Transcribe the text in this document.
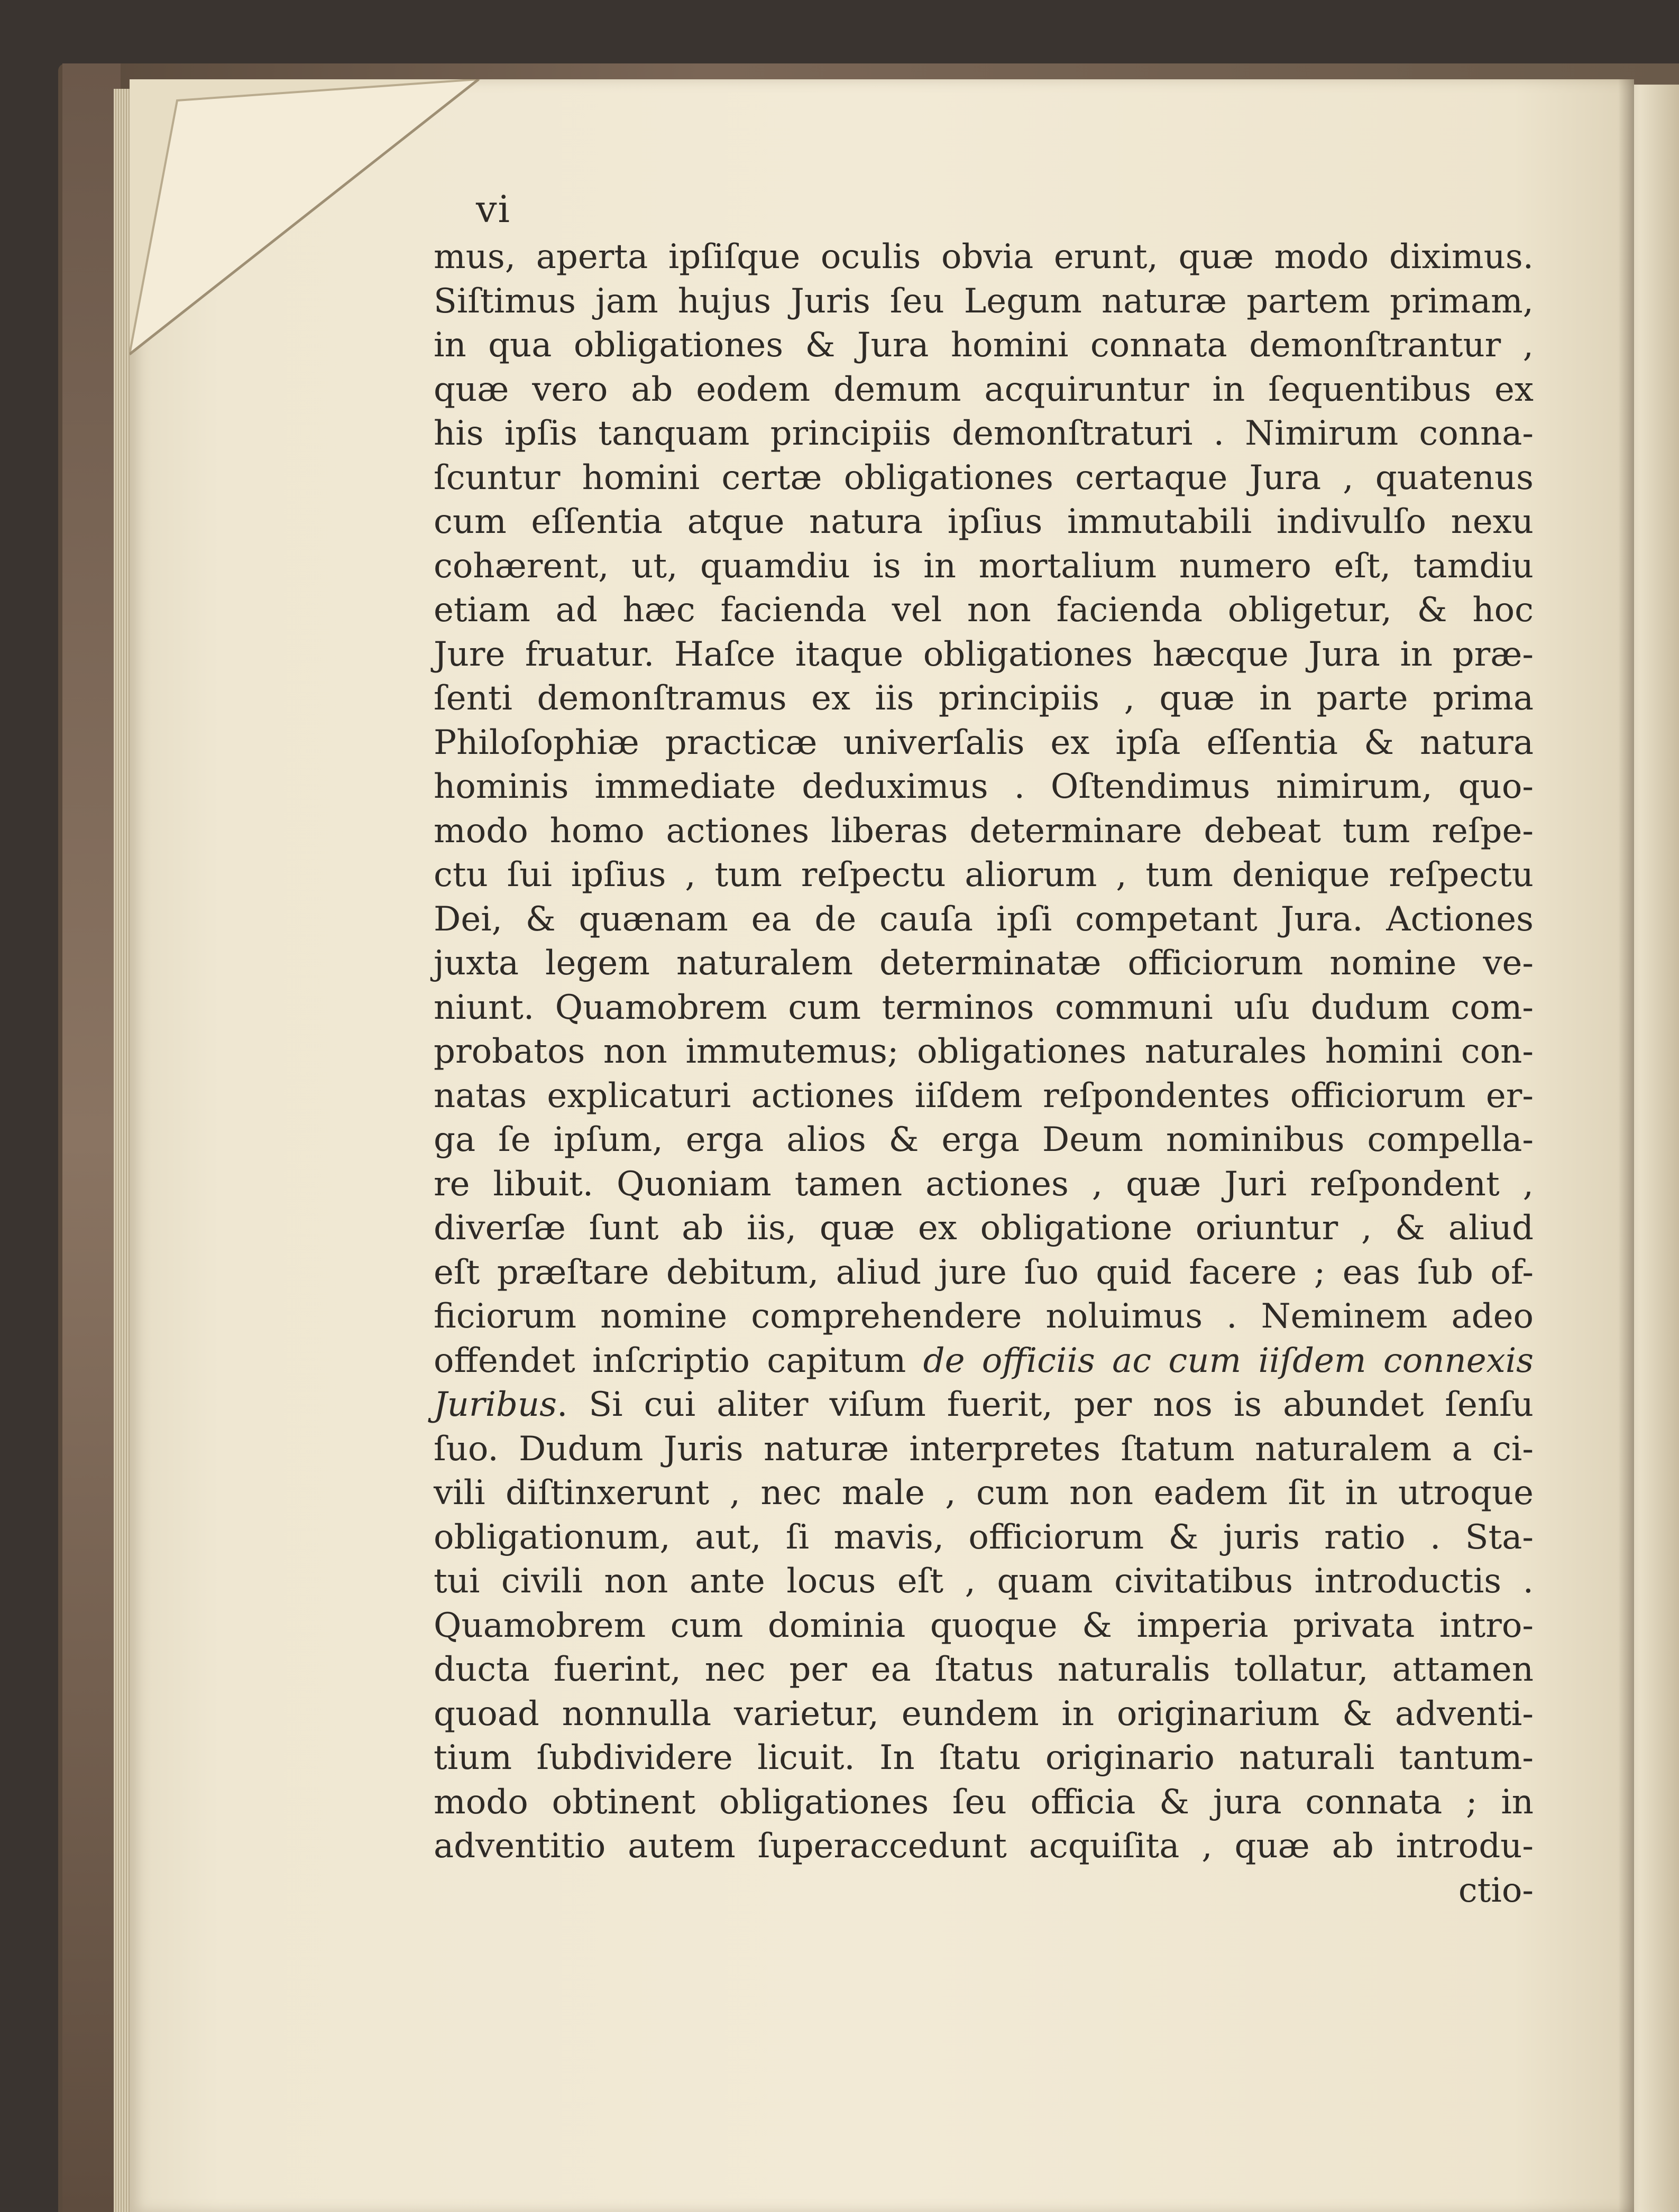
vi
mus, aperta ipſiſque oculis obvia erunt, quæ modo diximus.
Siſtimus jam hujus Juris ſeu Legum naturæ partem primam,
in qua obligationes & Jura homini connata demonſtrantur ,
quæ vero ab eodem demum acquiruntur in ſequentibus ex
his ipſis tanquam principiis demonſtraturi . Nimirum conna-
ſcuntur homini certæ obligationes certaque Jura , quatenus
cum eſſentia atque natura ipſius immutabili indivulſo nexu
cohærent, ut, quamdiu is in mortalium numero eſt, tamdiu
etiam ad hæc facienda vel non facienda obligetur, & hoc
Jure fruatur. Haſce itaque obligationes hæcque Jura in præ-
ſenti demonſtramus ex iis principiis , quæ in parte prima
Philoſophiæ practicæ univerſalis ex ipſa eſſentia & natura
hominis immediate deduximus . Oſtendimus nimirum, quo-
modo homo actiones liberas determinare debeat tum reſpe-
ctu ſui ipſius , tum reſpectu aliorum , tum denique reſpectu
Dei, & quænam ea de cauſa ipſi competant Jura. Actiones
juxta legem naturalem determinatæ officiorum nomine ve-
niunt. Quamobrem cum terminos communi uſu dudum com-
probatos non immutemus; obligationes naturales homini con-
natas explicaturi actiones iiſdem reſpondentes officiorum er-
ga ſe ipſum, erga alios & erga Deum nominibus compella-
re libuit. Quoniam tamen actiones , quæ Juri reſpondent ,
diverſæ ſunt ab iis, quæ ex obligatione oriuntur , & aliud
eſt præſtare debitum, aliud jure ſuo quid facere ; eas ſub of-
ficiorum nomine comprehendere noluimus . Neminem adeo
offendet inſcriptio capitum de officiis ac cum iiſdem connexis
Juribus. Si cui aliter viſum fuerit, per nos is abundet ſenſu
ſuo. Dudum Juris naturæ interpretes ſtatum naturalem a ci-
vili diſtinxerunt , nec male , cum non eadem ſit in utroque
obligationum, aut, ſi mavis, officiorum & juris ratio . Sta-
tui civili non ante locus eſt , quam civitatibus introductis .
Quamobrem cum dominia quoque & imperia privata intro-
ducta fuerint, nec per ea ſtatus naturalis tollatur, attamen
quoad nonnulla varietur, eundem in originarium & adventi-
tium ſubdividere licuit. In ſtatu originario naturali tantum-
modo obtinent obligationes ſeu officia & jura connata ; in
adventitio autem ſuperaccedunt acquiſita , quæ ab introdu-
ctio-
